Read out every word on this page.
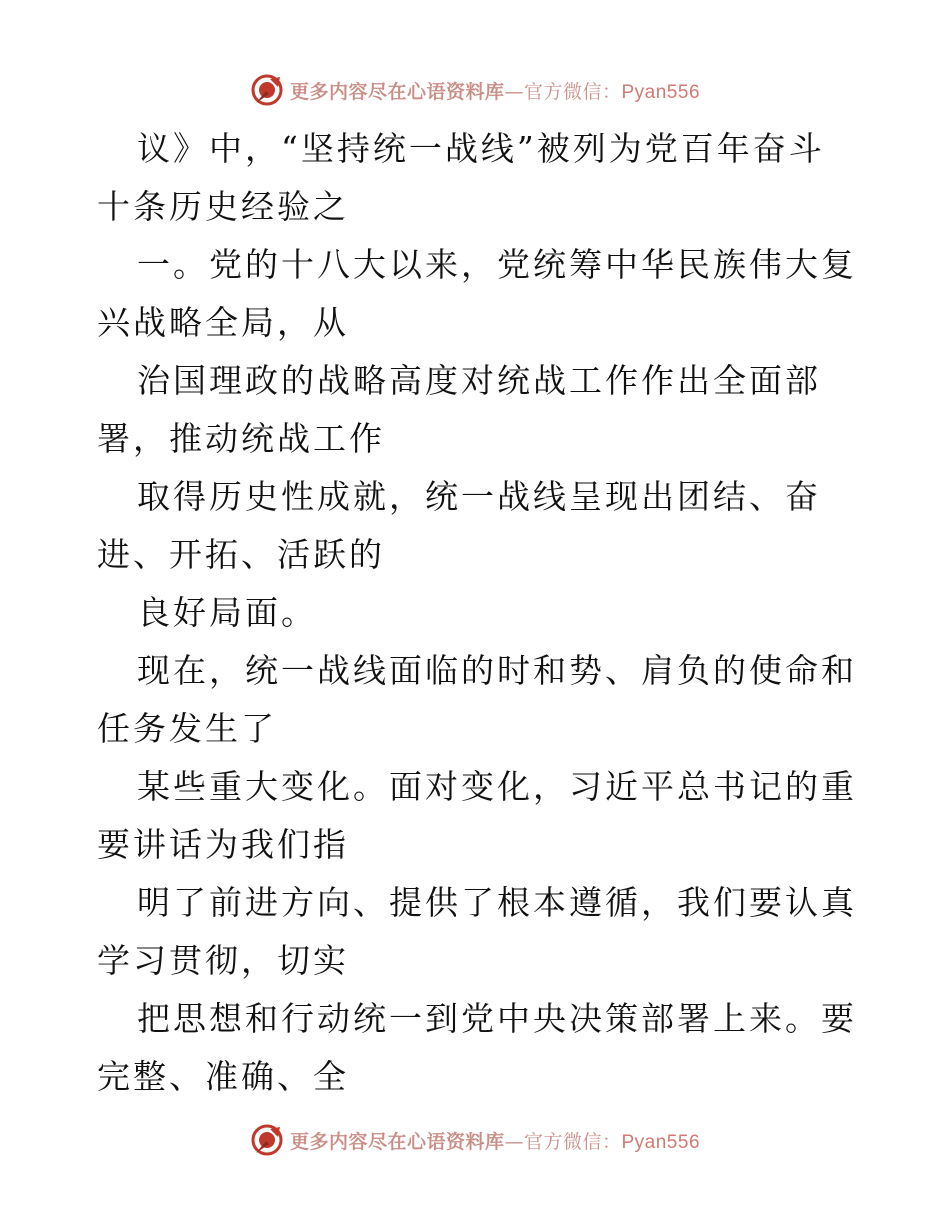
更多内容尽在心语资料库—官方微信：Pyan556

议》中，“坚持统一战线”被列为党百年奋斗十条历史经验之

一。党的十八大以来，党统筹中华民族伟大复兴战略全局，从

治国理政的战略高度对统战工作作出全面部署，推动统战工作

取得历史性成就，统一战线呈现出团结、奋进、开拓、活跃的

良好局面。

现在，统一战线面临的时和势、肩负的使命和任务发生了

某些重大变化。面对变化，习近平总书记的重要讲话为我们指

明了前进方向、提供了根本遵循，我们要认真学习贯彻，切实

把思想和行动统一到党中央决策部署上来。要完整、准确、全

更多内容尽在心语资料库—官方微信：Pyan556
